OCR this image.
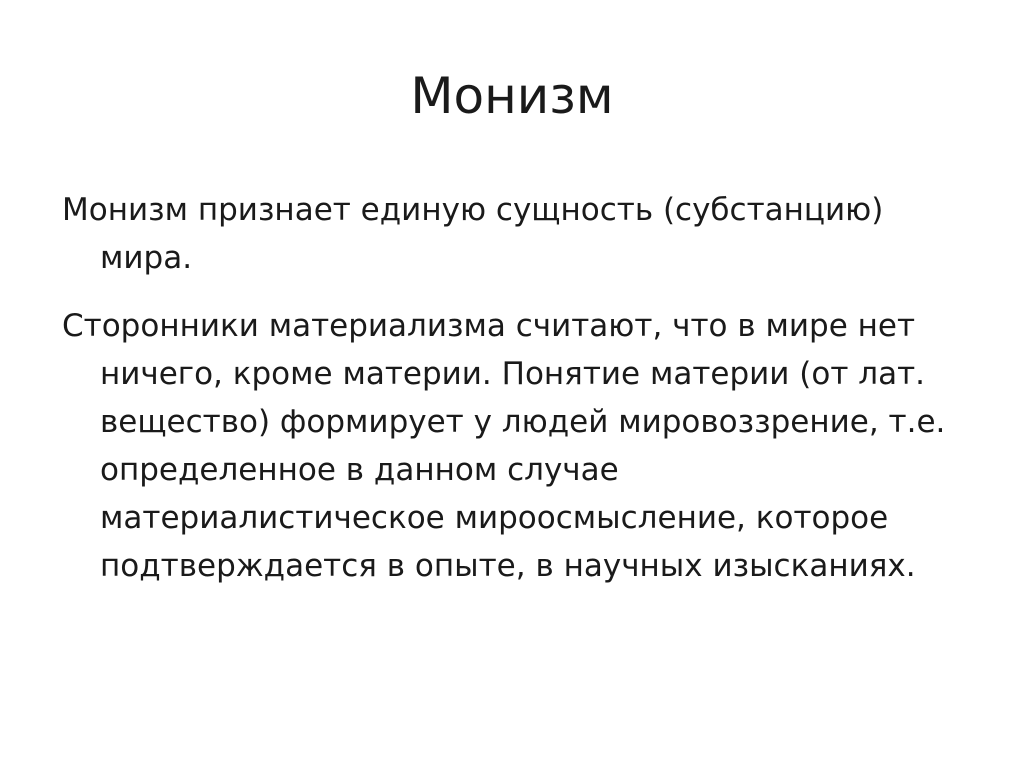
Монизм

Монизм признает единую сущность (субстанцию) мира.

Сторонники материализма считают, что в мире нет ничего, кроме материи. Понятие материи (от лат. вещество) формирует у людей мировоззрение, т.е. определенное в данном случае материалистическое мироосмысление, которое подтверждается в опыте, в научных изысканиях.
